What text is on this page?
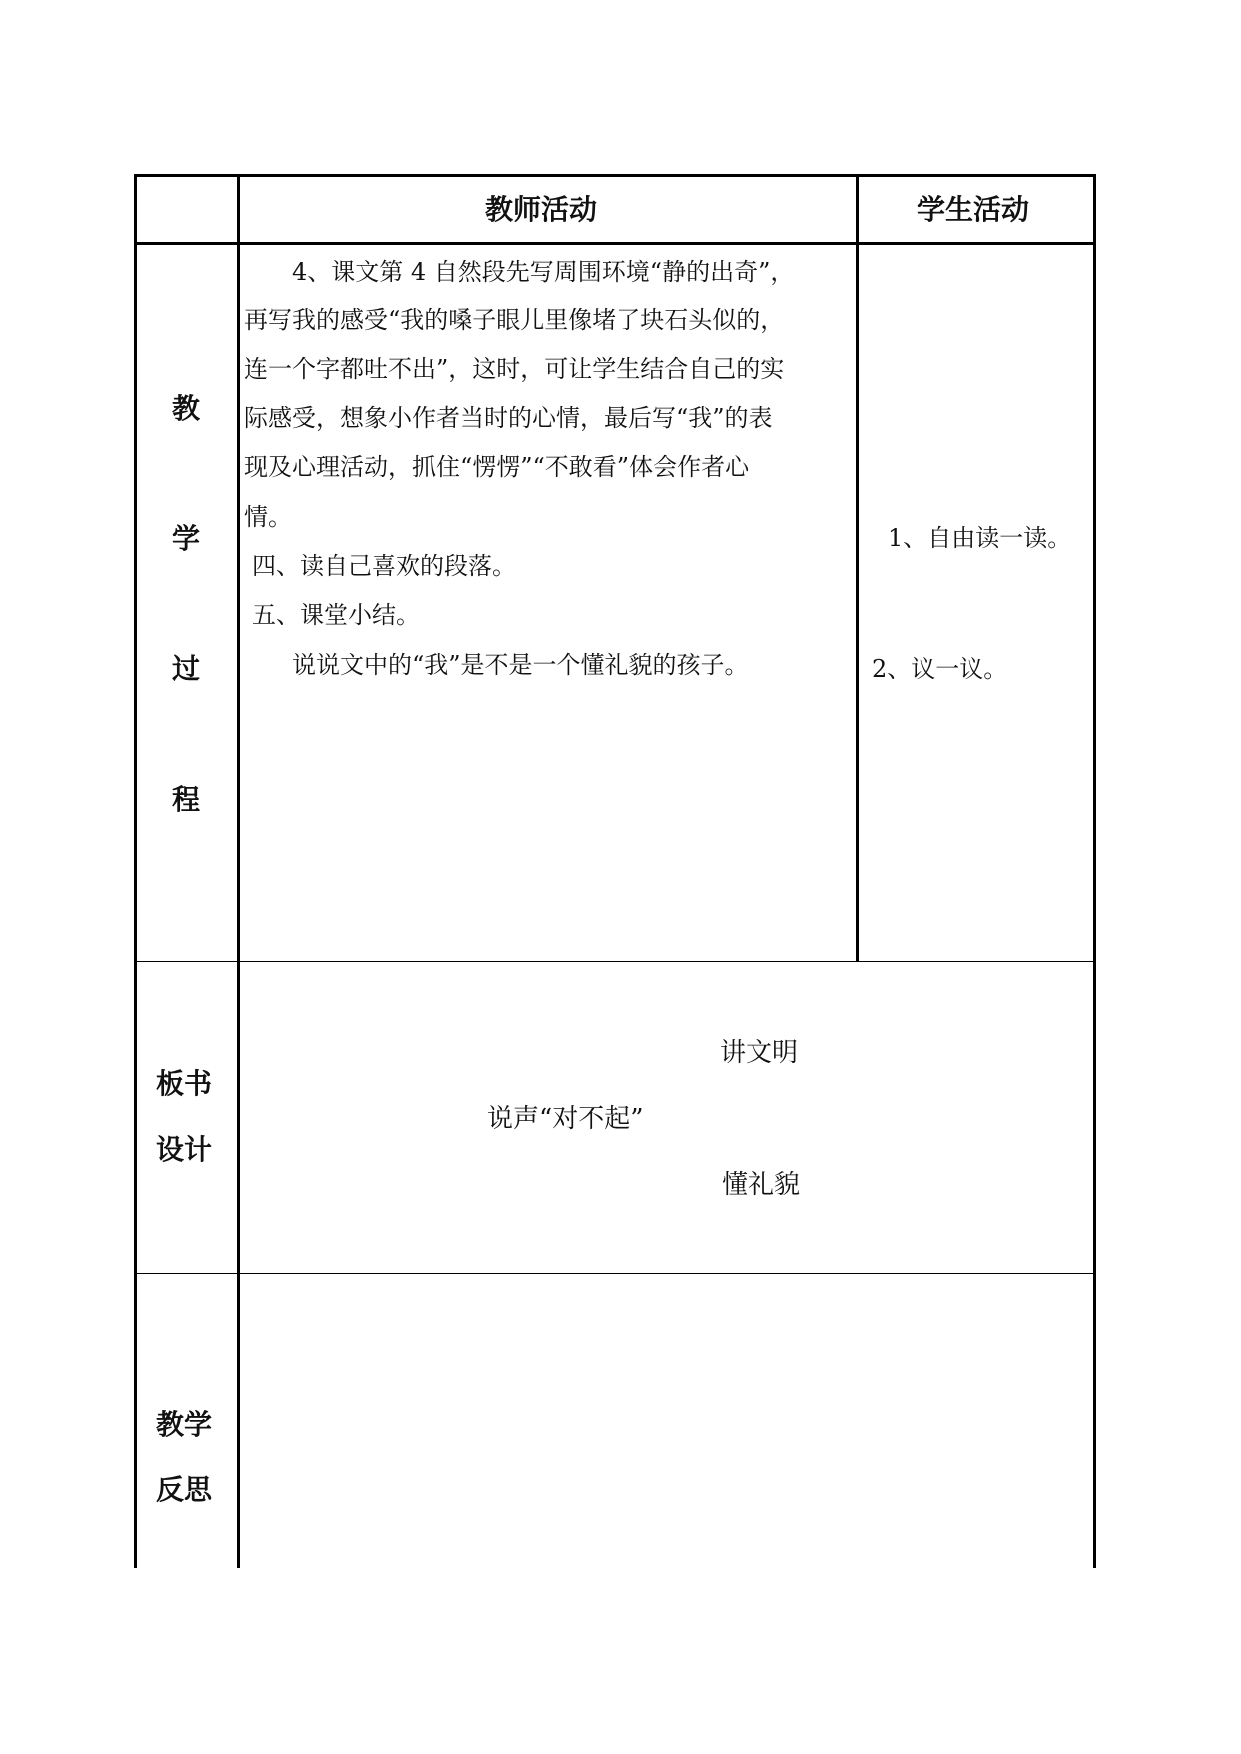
教师活动	学生活动
教
学
过
程
4、课文第 4 自然段先写周围环境“静的出奇”，
再写我的感受“我的嗓子眼儿里像堵了块石头似的，
连一个字都吐不出”，这时，可让学生结合自己的实
际感受，想象小作者当时的心情，最后写“我”的表
现及心理活动，抓住“愣愣”“不敢看”体会作者心
情。
四、读自己喜欢的段落。
五、课堂小结。
说说文中的“我”是不是一个懂礼貌的孩子。
1、自由读一读。
2、议一议。
板书
设计
讲文明
说声“对不起”
懂礼貌
教学
反思
